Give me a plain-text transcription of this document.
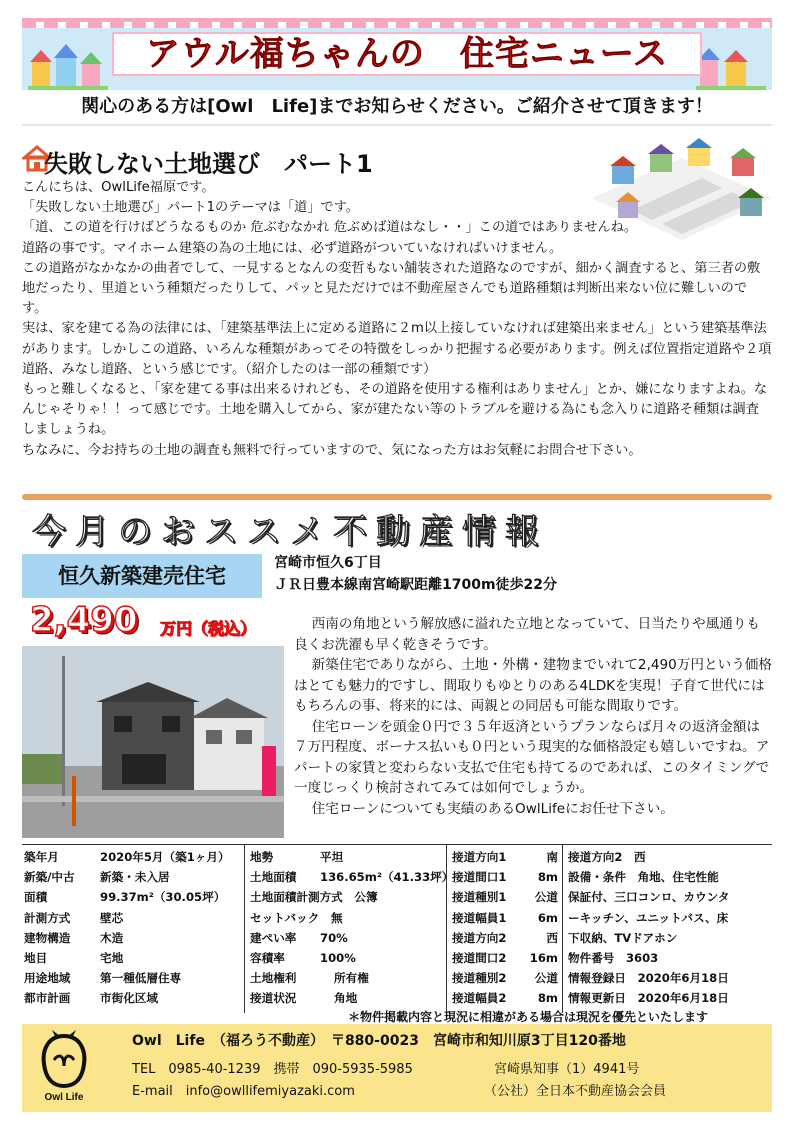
アウル福ちゃんの　住宅ニュース
関心のある方は[Owl　Life]までお知らせください。ご紹介させて頂きます！
失敗しない土地選び　パート1

こんにちは、OwlLife福原です。

「失敗しない土地選び」パート1のテーマは「道」です。

「道、この道を行けばどうなるものか 危ぶむなかれ 危ぶめば道はなし・・」この道ではありませんね。

道路の事です。マイホーム建築の為の土地には、必ず道路がついていなければいけません。

この道路がなかなかの曲者でして、一見するとなんの変哲もない舗装された道路なのですが、細かく調査すると、第三者の敷地だったり、里道という種類だったりして、パッと見ただけでは不動産屋さんでも道路種類は判断出来ない位に難しいのです。

実は、家を建てる為の法律には、「建築基準法上に定める道路に２m以上接していなければ建築出来ません」という建築基準法があります。しかしこの道路、いろんな種類があってその特徴をしっかり把握する必要があります。例えば位置指定道路や２項道路、みなし道路、という感じです。（紹介したのは一部の種類です）

もっと難しくなると、「家を建てる事は出来るけれども、その道路を使用する権利はありません」とか、嫌になりますよね。なんじゃそりゃ！！って感じです。土地を購入してから、家が建たない等のトラブルを避ける為にも念入りに道路そ種類は調査しましょうね。

ちなみに、今お持ちの土地の調査も無料で行っていますので、気になった方はお気軽にお問合せ下さい。

今月のおススメ不動産情報
恒久新築建売住宅
宮崎市恒久6丁目
ＪＲ日豊本線南宮崎駅距離1700m徒歩22分
2,490 万円（税込）	西南の角地という解放感に溢れた立地となっていて、日当たりや風通りも良くお洗濯も早く乾きそうです。

新築住宅でありながら、土地・外構・建物までいれて2,490万円という価格はとても魅力的ですし、間取りもゆとりのある4LDKを実現！子育て世代にはもちろんの事、将来的には、両親との同居も可能な間取りです。

住宅ローンを頭金０円で３５年返済というプランならば月々の返済金額は７万円程度、ボーナス払いも０円という現実的な価格設定も嬉しいですね。アパートの家賃と変わらない支払で住宅も持てるのであれば、このタイミングで一度じっくり検討されてみては如何でしょうか。

住宅ローンについても実績のあるOwlLifeにお任せ下さい。

築年月	2020年5月（築1ヶ月）
新築/中古 新築・未入居
面積	99.37m²（30.05坪）
計測方式	壁芯
建物構造	木造
地目	宅地
用途地域	第一種低層住専
都市計画	市街化区域
地勢	平坦
土地面積 136.65m²（41.33坪）
土地面積計測方式　 公簿
セットバック　 無
建ぺい率 70%
容積率	100%
土地権利	所有権
接道状況	角地
接道方向1	南
接道間口1	8m
接道種別1 公道
接道幅員1	6m
接道方向2	西
接道間口2 16m
接道種別2 公道
接道幅員2	8m
接道方向2　西
設備・条件　角地、住宅性能
保証付、三口コンロ、カウンタ
ーキッチン、ユニットバス、床
下収納、TVドアホン
物件番号　3603
情報登録日　2020年6月18日
情報更新日　2020年6月18日
＊物件掲載内容と現況に相違がある場合は現況を優先といたします
Owl Life
Owl　Life　（福ろう不動産）　〒880-0023　宮崎市和知川原3丁目120番地
TEL　0985-40-1239　携帯　090-5935-5985	宮崎県知事（1）4941号
E-mail　info@owllifemiyazaki.com	（公社）全日本不動産協会会員
